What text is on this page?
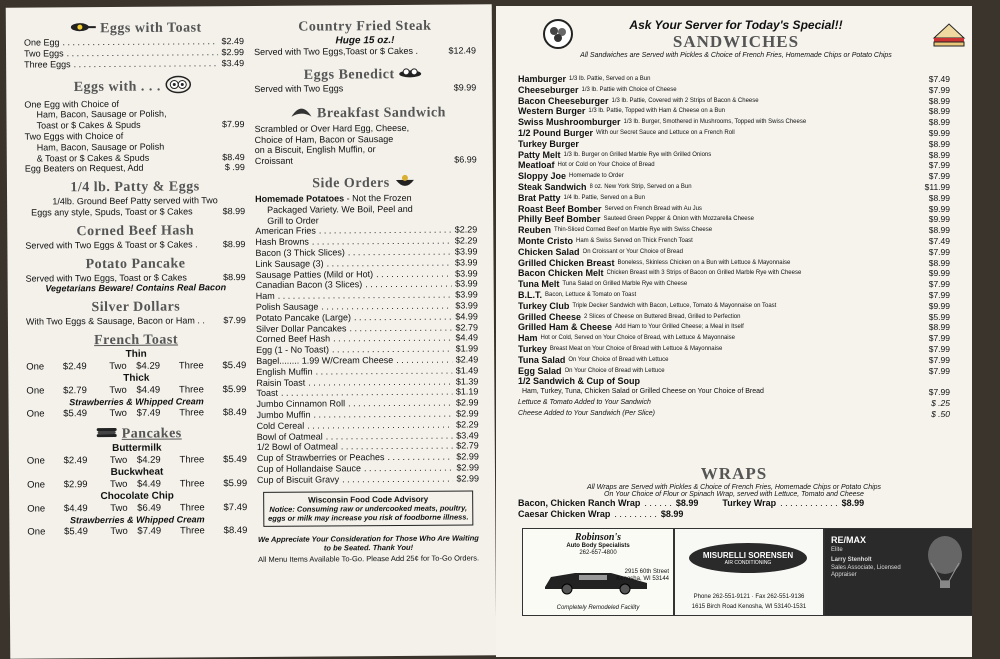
Eggs with Toast
One Egg . . .	$2.49
Two Eggs . . .	$2.99
Three Eggs . . .	$3.49
Eggs with . . .
One Egg with Choice of
Ham, Bacon, Sausage or Polish,
Toast or $ Cakes & Spuds	$7.99
Two Eggs with Choice of
Ham, Bacon, Sausage or Polish
& Toast or $ Cakes & Spuds	$8.49
Egg Beaters on Request, Add	$ .99
1/4 lb. Patty & Eggs
1/4lb. Ground Beef Patty served with Two
Eggs any style, Spuds, Toast or $ Cakes	$8.99
Corned Beef Hash
Served with Two Eggs & Toast or $ Cakes .	$8.99
Potato Pancake
Served with Two Eggs, Toast or $ Cakes	$8.99
Vegetarians Beware! Contains Real Bacon
Silver Dollars
With Two Eggs & Sausage, Bacon or Ham . . $7.99
French Toast
Thin
One	$2.49	Two	$4.29	Three	$5.49
Thick
One	$2.79	Two	$4.49	Three	$5.99
Strawberries & Whipped Cream
One	$5.49	Two	$7.49	Three	$8.49
Pancakes
Buttermilk
One	$2.49	Two	$4.29	Three	$5.49
Buckwheat
One	$2.99	Two	$4.49	Three	$5.99
Chocolate Chip
One	$4.49	Two	$6.49	Three	$7.49
Strawberries & Whipped Cream
One	$5.49	Two	$7.49	Three	$8.49
Country Fried Steak
Huge 15 oz.!
Served with Two Eggs,Toast or $ Cakes .	$12.49
Eggs Benedict
Served with Two Eggs	$9.99
Breakfast Sandwich
Scrambled or Over Hard Egg, Cheese,
Choice of Ham, Bacon or Sausage
on a Biscuit, English Muffin, or
Croissant	$6.99
Side Orders
Homemade Potatoes - Not the Frozen
Packaged Variety. We Boil, Peel and
Grill to Order
American Fries . . .	$2.29
Hash Browns . . .	$2.29
Bacon (3 Thick Slices) . . .	$3.99
Link Sausage (3) . . .	$3.99
Sausage Patties (Mild or Hot) . . .	$3.99
Canadian Bacon (3 Slices) . . .	$3.99
Ham . . .	$3.99
Polish Sausage . . .	$3.99
Potato Pancake (Large) . . .	$4.99
Silver Dollar Pancakes . . .	$2.79
Corned Beef Hash . . .	$4.49
Egg (1 - No Toast) . . .	$1.99
Bagel........ 1.99 W/Cream Cheese . . .	$2.49
English Muffin . . .	$1.49
Raisin Toast . . .	$1.39
Toast . . .	$1.19
Jumbo Cinnamon Roll . . .	$2.99
Jumbo Muffin . . .	$2.99
Cold Cereal . . .	$2.29
Bowl of Oatmeal . . .	$3.49
1/2 Bowl of Oatmeal . . .	$2.79
Cup of Strawberries or Peaches . . .	$2.99
Cup of Hollandaise Sauce . . .	$2.99
Cup of Biscuit Gravy . . .	$2.99
Wisconsin Food Code Advisory
Notice: Consuming raw or undercooked meats, poultry, eggs or milk may increase you risk of foodborne illness.
We Appreciate Your Consideration for Those Who Are Waiting to be Seated. Thank You!
All Menu Items Available To-Go. Please Add 25¢ for To-Go Orders.
Ask Your Server for Today's Special!!
SANDWICHES
All Sandwiches are Served with Pickles & Choice of French Fries, Homemade Chips or Potato Chips
Hamburger 1/3 lb. Pattie, Served on a Bun	$7.49
Cheeseburger 1/3 lb. Pattie with Choice of Cheese	$7.99
Bacon Cheeseburger 1/3 lb. Pattie, Covered with 2 Strips of Bacon & Cheese	$8.99
Western Burger 1/3 lb. Pattie, Topped with Ham & Cheese on a Bun	$8.99
Swiss Mushroomburger 1/3 lb. Burger, Smothered in Mushrooms, Topped with Swiss Cheese	$8.99
1/2 Pound Burger With our Secret Sauce and Lettuce on a French Roll	$9.99
Turkey Burger	$8.99
Patty Melt 1/3 lb. Burger on Grilled Marble Rye with Grilled Onions	$8.99
Meatloaf Hot or Cold on Your Choice of Bread	$7.99
Sloppy Joe Homemade to Order	$7.99
Steak Sandwich 8 oz. New York Strip, Served on a Bun	$11.99
Brat Patty 1/4 lb. Pattie, Served on a Bun	$8.99
Roast Beef Bomber Served on French Bread with Au Jus	$9.99
Philly Beef Bomber Sauteed Green Pepper & Onion with Mozzarella Cheese	$9.99
Reuben Thin-Sliced Corned Beef on Marble Rye with Swiss Cheese	$8.99
Monte Cristo Ham & Swiss Served on Thick French Toast	$7.49
Chicken Salad On Croissant or Your Choice of Bread	$7.99
Grilled Chicken Breast Boneless, Skinless Chicken on a Bun with Lettuce & Mayonnaise	$8.99
Bacon Chicken Melt Chicken Breast with 3 Strips of Bacon on Grilled Marble Rye with Cheese	$9.99
Tuna Melt Tuna Salad on Grilled Marble Rye with Cheese	$7.99
B.L.T. Bacon, Lettuce & Tomato on Toast	$7.99
Turkey Club Triple Decker Sandwich with Bacon, Lettuce, Tomato & Mayonnaise on Toast	$9.99
Grilled Cheese 2 Slices of Cheese on Buttered Bread, Grilled to Perfection	$5.99
Grilled Ham & Cheese Add Ham to Your Grilled Cheese; a Meal in Itself	$8.99
Ham Hot or Cold, Served on Your Choice of Bread, with Lettuce & Mayonnaise	$7.99
Turkey Breast Meat on Your Choice of Bread with Lettuce & Mayonnaise	$7.99
Tuna Salad On Your Choice of Bread with Lettuce	$7.99
Egg Salad On Your Choice of Bread with Lettuce	$7.99
1/2 Sandwich & Cup of Soup
Ham, Turkey, Tuna, Chicken Salad or Grilled Cheese on Your Choice of Bread	$7.99
Lettuce & Tomato Added to Your Sandwich	$ .25
Cheese Added to Your Sandwich (Per Slice)	$ .50
WRAPS
All Wraps are Served with Pickles & Choice of French Fries, Homemade Chips or Potato Chips
On Your Choice of Flour or Spinach Wrap, served with Lettuce, Tomato and Cheese
Bacon, Chicken Ranch Wrap . . . . . . $8.99	Turkey Wrap . . . . . . . . . . . . $8.99
Caesar Chicken Wrap . . . . . . . . . $8.99
Robinson's
Auto Body Specialists
262-657-4800
2915 60th Street
Kenosha, WI 53144
Completely Remodeled Facility
MISURELLI SORENSEN
AIR CONDITIONING
Phone 262-551-9121 · Fax 262-551-9136
1615 Birch Road Kenosha, WI 53140-1531
RE/MAX
Elite
Larry Stenholt
Sales Associate, Licensed Appraiser
